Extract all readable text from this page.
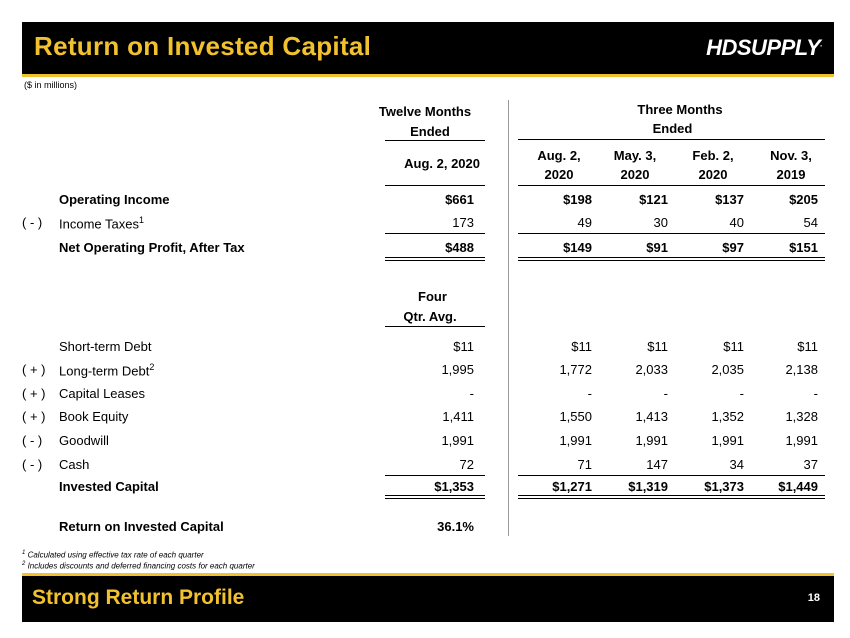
Return on Invested Capital	HDSUPPLY.
($ in millions)
Twelve Months
Ended
Three Months
Ended
Aug. 2, 2020
Aug. 2,
2020
May. 3,
2020
Feb. 2,
2020
Nov. 3,
2019
Operating Income	$661	$198	$121	$137	$205
( - ) Income Taxes$^1$	173	49	30	40	54
Net Operating Profit, After Tax	$488	$149	$91	$97	$151
Four
Qtr. Avg.
Short-term Debt	$11	$11	$11	$11	$11
( + ) Long-term Debt$^2$	1,995	1,772	2,033	2,035	2,138
( + ) Capital Leases	-	-	-	-	-
( + ) Book Equity	1,411	1,550	1,413	1,352	1,328
( - ) Goodwill	1,991	1,991	1,991	1,991	1,991
( - ) Cash	72	71	147	34	37
Invested Capital	$1,353	$1,271	$1,319	$1,373	$1,449
Return on Invested Capital	36.1%
$^1$ Calculated using effective tax rate of each quarter
$^2$ Includes discounts and deferred financing costs for each quarter
Strong Return Profile	18
